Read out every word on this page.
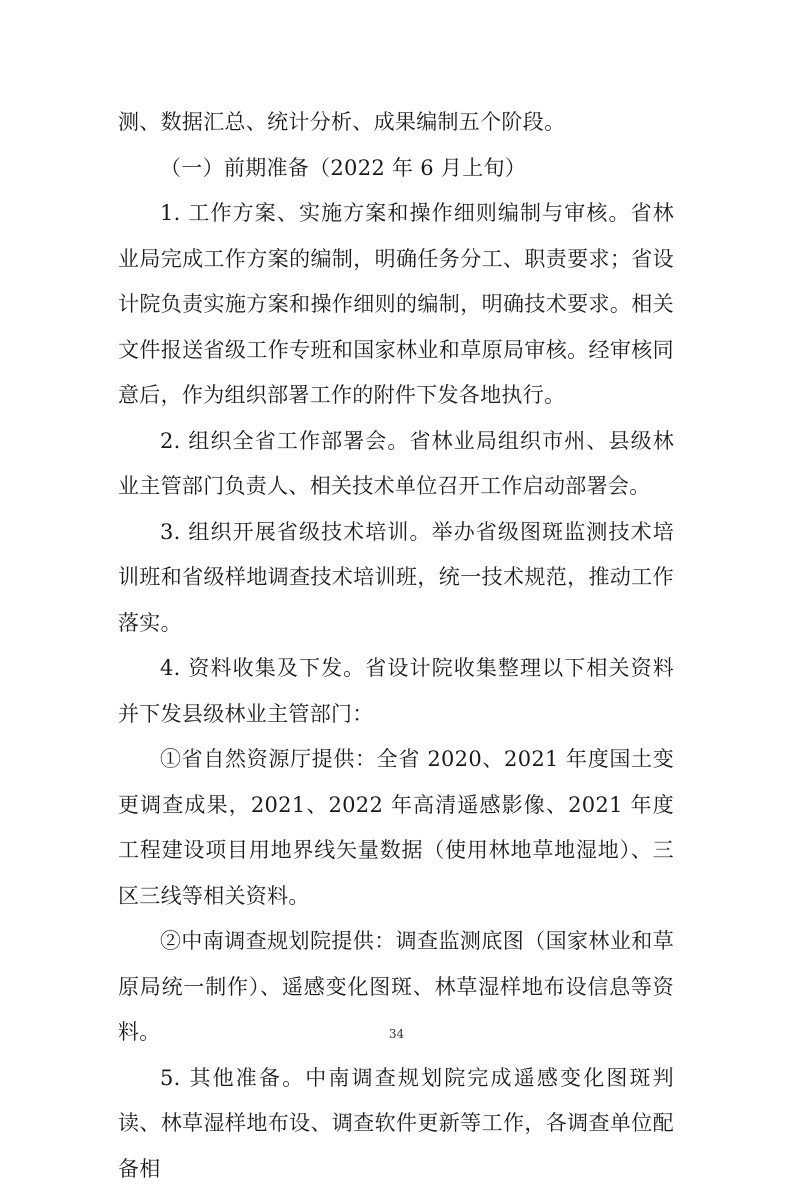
测、数据汇总、统计分析、成果编制五个阶段。

（一）前期准备（2022 年 6 月上旬）

1. 工作方案、实施方案和操作细则编制与审核。省林业局完成工作方案的编制，明确任务分工、职责要求；省设计院负责实施方案和操作细则的编制，明确技术要求。相关文件报送省级工作专班和国家林业和草原局审核。经审核同意后，作为组织部署工作的附件下发各地执行。

2. 组织全省工作部署会。省林业局组织市州、县级林业主管部门负责人、相关技术单位召开工作启动部署会。

3. 组织开展省级技术培训。举办省级图斑监测技术培训班和省级样地调查技术培训班，统一技术规范，推动工作落实。

4. 资料收集及下发。省设计院收集整理以下相关资料并下发县级林业主管部门：

①省自然资源厅提供：全省 2020、2021 年度国土变更调查成果，2021、2022 年高清遥感影像、2021 年度工程建设项目用地界线矢量数据（使用林地草地湿地）、三区三线等相关资料。

②中南调查规划院提供：调查监测底图（国家林业和草原局统一制作）、遥感变化图斑、林草湿样地布设信息等资料。

5. 其他准备。中南调查规划院完成遥感变化图斑判读、林草湿样地布设、调查软件更新等工作，各调查单位配备相

34
